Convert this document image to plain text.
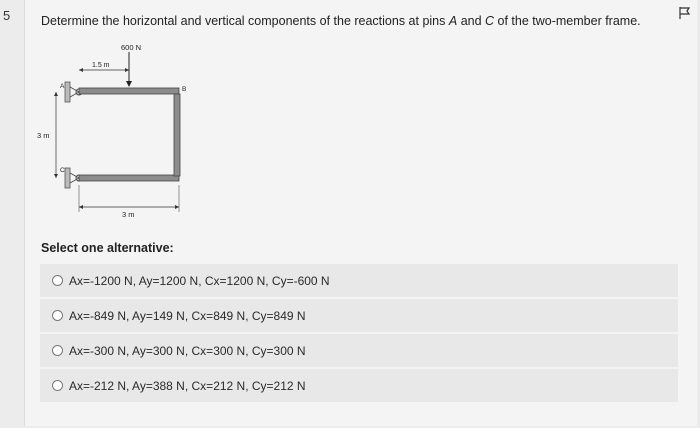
5 Determine the horizontal and vertical components of the reactions at pins A and C of the two-member frame.
600 N
1.5 m
3 m
3 m
A	B
C
Select one alternative:
Ax=-1200 N, Ay=1200 N, Cx=1200 N, Cy=-600 N
Ax=-849 N, Ay=149 N, Cx=849 N, Cy=849 N
Ax=-300 N, Ay=300 N, Cx=300 N, Cy=300 N
Ax=-212 N, Ay=388 N, Cx=212 N, Cy=212 N
